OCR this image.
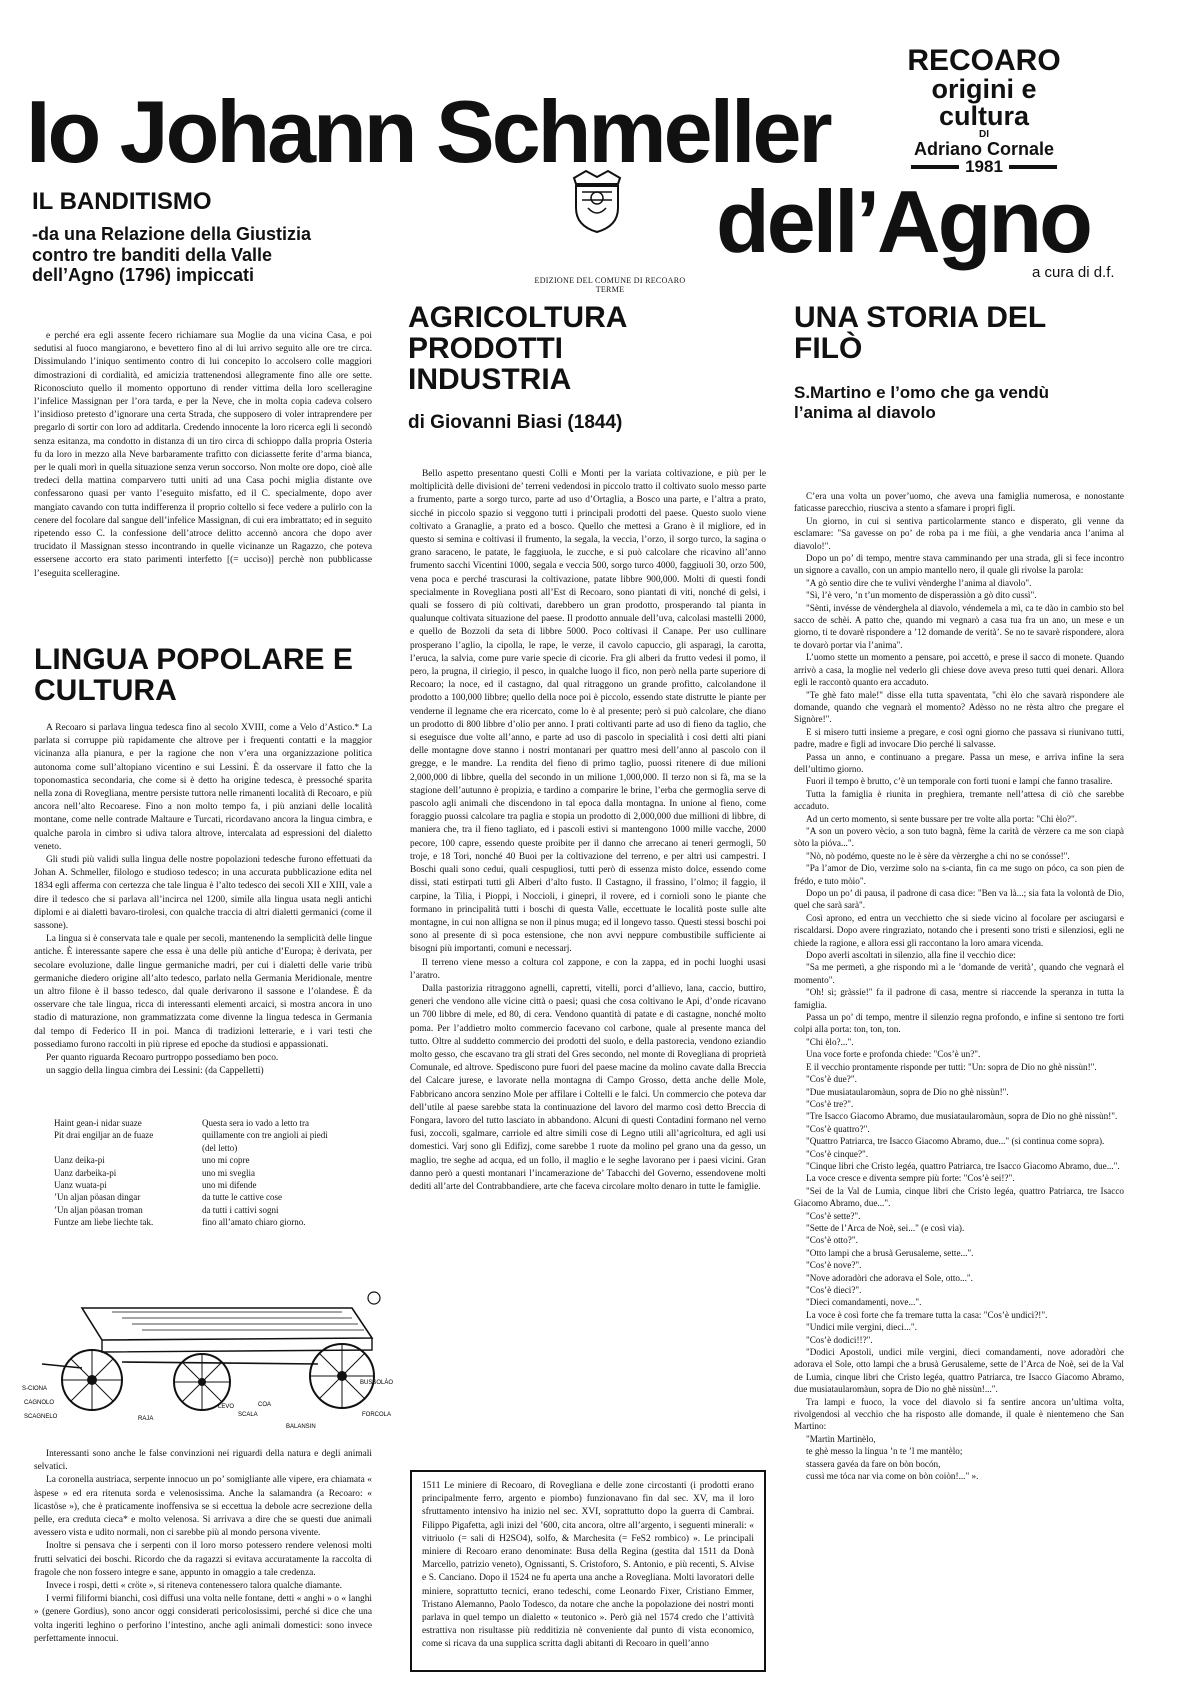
Io Johann Schmeller
dell’Agno
RECOARO
origini e cultura
DI
Adriano Cornale
1981
EDIZIONE DEL COMUNE DI RECOARO TERME
a cura di d.f.
IL BANDITISMO
-da una Relazione della Giustizia contro tre banditi della Valle dell’Agno (1796) impiccati

e perché era egli assente fecero richiamare sua Moglie da una vicina Casa, e poi sedutisi al fuoco mangiarono, e bevettero fino al di lui arrivo seguito alle ore tre circa. Dissimulando l’iniquo sentimento contro di lui concepito lo accolsero colle maggiori dimostrazioni di cordialità, ed amicizia trattenendosi allegramente fino alle ore sette. Riconosciuto quello il momento opportuno di render vittima della loro scelleragine l’infelice Massignan per l’ora tarda, e per la Neve, che in molta copia cadeva colsero l’insidioso pretesto d’ignorare una certa Strada, che supposero di voler intraprendere per pregarlo di sortir con loro ad additarla. Credendo innocente la loro ricerca egli li secondò senza esitanza, ma condotto in distanza di un tiro circa di schioppo dalla propria Osteria fu da loro in mezzo alla Neve barbaramente trafitto con diciassette ferite d’arma bianca, per le quali morì in quella situazione senza verun soccorso. Non molte ore dopo, cioè alle tredeci della mattina comparvero tutti uniti ad una Casa pochi miglia distante ove confessarono quasi per vanto l’eseguito misfatto, ed il C. specialmente, dopo aver mangiato cavando con tutta indifferenza il proprio coltello si fece vedere a pulirlo con la cenere del focolare dal sangue dell’infelice Massignan, di cui era imbrattato; ed in seguito ripetendo esso C. la confessione dell’atroce delitto accennò ancora che dopo aver trucidato il Massignan stesso incontrando in quelle vicinanze un Ragazzo, che poteva essersene accorto era stato parimenti interfetto [(= ucciso)] perchè non pubblicasse l’eseguita scelleragine.

LINGUA POPOLARE E CULTURA

A Recoaro si parlava lingua tedesca fino al secolo XVIII, come a Velo d’Astico.* La parlata si corruppe più rapidamente che altrove per i frequenti contatti e la maggior vicinanza alla pianura, e per la ragione che non v’era una organizzazione politica autonoma come sull’altopiano vicentino e sui Lessini. È da osservare il fatto che la toponomastica secondaria, che come si è detto ha origine tedesca, è pressoché sparita nella zona di Rovegliana, mentre persiste tuttora nelle rimanenti località di Recoaro, e più ancora nell’alto Recoarese. Fino a non molto tempo fa, i più anziani delle località montane, come nelle contrade Maltaure e Turcati, ricordavano ancora la lingua cimbra, e qualche parola in cimbro si udiva talora altrove, intercalata ad espressioni del dialetto veneto.

Gli studi più validi sulla lingua delle nostre popolazioni tedesche furono effettuati da Johan A. Schmeller, filologo e studioso tedesco; in una accurata pubblicazione edita nel 1834 egli afferma con certezza che tale lingua è l’alto tedesco dei secoli XII e XIII, vale a dire il tedesco che si parlava all’incirca nel 1200, simile alla lingua usata negli antichi diplomi e ai dialetti bavaro-tirolesi, con qualche traccia di altri dialetti germanici (come il sassone).

La lingua si è conservata tale e quale per secoli, mantenendo la semplicità delle lingue antiche. È interessante sapere che essa è una delle più antiche d’Europa; è derivata, per secolare evoluzione, dalle lingue germaniche madri, per cui i dialetti delle varie tribù germaniche diedero origine all’alto tedesco, parlato nella Germania Meridionale, mentre un altro filone è il basso tedesco, dal quale derivarono il sassone e l’olandese. È da osservare che tale lingua, ricca di interessanti elementi arcaici, si mostra ancora in uno stadio di maturazione, non grammatizzata come divenne la lingua tedesca in Germania dal tempo di Federico II in poi. Manca di tradizioni letterarie, e i vari testi che possediamo furono raccolti in più riprese ed epoche da studiosi e appassionati.

Per quanto riguarda Recoaro purtroppo possediamo ben poco.

un saggio della lingua cimbra dei Lessini: (da Cappelletti)

Haint gean-i nidar suaze	Questa sera io vado a letto tra
Pit drai engiljar an de fuaze	quillamente con tre angioli ai piedi
(del letto)
Uanz deika-pi	uno mi copre
Uanz darbeika-pi	uno mi sveglia
Uanz wuata-pi	uno mi difende
’Un aljan pöasan dingar	da tutte le cattive cose
’Un aljan pöasan troman	da tutti i cattivi sogni
Funtze am liebe liechte tak.	fino all’amato chiaro giorno.
S-CIONA
CAGNOLO
SCAGNELO	RAJA
LEVO
SCALA
COA
BALANSIN
BUSSOLÀO
FORCOLA

Interessanti sono anche le false convinzioni nei riguardi della natura e degli animali selvatici.

La coronella austriaca, serpente innocuo un po’ somigliante alle vipere, era chiamata « àspese » ed era ritenuta sorda e velenosissima. Anche la salamandra (a Recoaro: « licastöse »), che è praticamente inoffensiva se si eccettua la debole acre secrezione della pelle, era creduta cieca* e molto velenosa. Si arrivava a dire che se questi due animali avessero vista e udito normali, non ci sarebbe più al mondo persona vivente.

Inoltre si pensava che i serpenti con il loro morso potessero rendere velenosi molti frutti selvatici dei boschi. Ricordo che da ragazzi si evitava accuratamente la raccolta di fragole che non fossero integre e sane, appunto in omaggio a tale credenza.

Invece i rospi, detti « cröte », si riteneva contenessero talora qualche diamante.

I vermi filiformi bianchi, così diffusi una volta nelle fontane, detti « anghi » o « langhi » (genere Gordius), sono ancor oggi considerati pericolosissimi, perché si dice che una volta ingeriti leghino o perforino l’intestino, anche agli animali domestici: sono invece perfettamente innocui.

AGRICOLTURA PRODOTTI INDUSTRIA
di Giovanni Biasi (1844)

Bello aspetto presentano questi Colli e Monti per la variata coltivazione, e più per le moltiplicità delle divisioni de’ terreni vedendosi in piccolo tratto il coltivato suolo messo parte a frumento, parte a sorgo turco, parte ad uso d’Ortaglia, a Bosco una parte, e l’altra a prato, sicché in piccolo spazio si veggono tutti i principali prodotti del paese. Questo suolo viene coltivato a Granaglie, a prato ed a bosco. Quello che mettesi a Grano è il migliore, ed in questo si semina e coltivasi il frumento, la segala, la veccia, l’orzo, il sorgo turco, la sagina o grano saraceno, le patate, le faggiuola, le zucche, e si può calcolare che ricavino all’anno frumento sacchi Vicentini 1000, segala e veccia 500, sorgo turco 4000, faggiuoli 30, orzo 500, vena poca e perché trascurasi la coltivazione, patate libbre 900,000. Molti di questi fondi specialmente in Rovegliana posti all’Est di Recoaro, sono piantati di viti, nonché di gelsi, i quali se fossero di più coltivati, darebbero un gran prodotto, prosperando tal pianta in qualunque coltivata situazione del paese. Il prodotto annuale dell’uva, calcolasi mastelli 2000, e quello de Bozzoli da seta di libbre 5000. Poco coltivasi il Canape. Per uso cullinare prosperano l’aglio, la cipolla, le rape, le verze, il cavolo capuccio, gli asparagi, la carotta, l’eruca, la salvia, come pure varie specie di cicorie. Fra gli alberi da frutto vedesi il pomo, il pero, la prugna, il ciriegio, il pesco, in qualche luogo il fico, non però nella parte superiore di Recoaro; la noce, ed il castagno, dal qual ritraggono un grande profitto, calcolandone il prodotto a 100,000 libbre; quello della noce poi è piccolo, essendo state distrutte le piante per venderne il legname che era ricercato, come lo è al presente; però si può calcolare, che diano un prodotto di 800 libbre d’olio per anno. I prati coltivanti parte ad uso di fieno da taglio, che si eseguisce due volte all’anno, e parte ad uso di pascolo in specialità i così detti alti piani delle montagne dove stanno i nostri montanari per quattro mesi dell’anno al pascolo con il gregge, e le mandre. La rendita del fieno di primo taglio, puossi ritenere di due milioni 2,000,000 di libbre, quella del secondo in un milione 1,000,000. Il terzo non si fà, ma se la stagione dell’autunno è propizia, e tardino a comparire le brine, l’erba che germoglia serve di pascolo agli animali che discendono in tal epoca dalla montagna. In unione al fieno, come foraggio puossi calcolare tra paglia e stopia un prodotto di 2,000,000 due millioni di libbre, di maniera che, tra il fieno tagliato, ed i pascoli estivi si mantengono 1000 mille vacche, 2000 pecore, 100 capre, essendo queste proibite per il danno che arrecano ai teneri germogli, 50 troje, e 18 Tori, nonché 40 Buoi per la coltivazione del terreno, e per altri usi campestri. I Boschi quali sono cedui, quali cespugliosi, tutti però di essenza misto dolce, essendo come dissi, stati estirpati tutti gli Alberi d’alto fusto. Il Castagno, il frassino, l’olmo; il faggio, il carpine, la Tilia, i Pioppi, i Noccioli, i ginepri, il rovere, ed i cornioli sono le piante che formano in principalità tutti i boschi di questa Valle, eccettuate le località poste sulle alte montagne, in cui non alligna se non il pinus muga; ed il longevo tasso. Questi stessi boschi poi sono al presente di sì poca estensione, che non avvi neppure combustibile sufficiente ai bisogni più importanti, comuni e necessarj.

Il terreno viene messo a coltura col zappone, e con la zappa, ed in pochi luoghi usasi l’aratro.

Dalla pastorizia ritraggono agnelli, capretti, vitelli, porci d’allievo, lana, caccio, buttiro, generi che vendono alle vicine città o paesi; quasi che cosa coltivano le Api, d’onde ricavano un 700 libbre di mele, ed 80, di cera. Vendono quantità di patate e di castagne, nonché molto poma. Per l’addietro molto commercio facevano col carbone, quale al presente manca del tutto. Oltre al suddetto commercio dei prodotti del suolo, e della pastorecia, vendono eziandio molto gesso, che escavano tra gli strati del Gres secondo, nel monte di Rovegliana di proprietà Comunale, ed altrove. Spediscono pure fuori del paese macine da molino cavate dalla Breccia del Calcare jurese, e lavorate nella montagna di Campo Grosso, detta anche delle Mole, Fabbricano ancora senzino Mole per affilare i Coltelli e le falci. Un commercio che poteva dar dell’utile al paese sarebbe stata la continuazione del lavoro del marmo così detto Breccia di Fongara, lavoro del tutto lasciato in abbandono. Alcuni di questi Contadini formano nel verno fusi, zoccoli, sgalmare, carriole ed altre simili cose di Legno utili all’agricoltura, ed agli usi domestici. Varj sono gli Edifizj, come sarebbe 1 ruote da molino pel grano una da gesso, un maglio, tre seghe ad acqua, ed un follo, il maglio e le seghe lavorano per i paesi vicini. Gran danno però a questi montanari l’incamerazione de’ Tabacchi del Governo, essendovene molti dediti all’arte del Contrabbandiere, arte che faceva circolare molto denaro in tutte le famiglie.

1511 Le miniere di Recoaro, di Rovegliana e delle zone circostanti (i prodotti erano principalmente ferro, argento e piombo) funzionavano fin dal sec. XV, ma il loro sfruttamento intensivo ha inizio nel sec. XVI, soprattutto dopo la guerra di Cambrai. Filippo Pigafetta, agli inizi del ’600, cita ancora, oltre all’argento, i seguenti minerali: « vitriuolo (= sali di H2SO4), solfo, & Marchesita (= FeS2 rombico) ». Le principali miniere di Recoaro erano denominate: Busa della Regina (gestita dal 1511 da Donà Marcello, patrizio veneto), Ognissanti, S. Cristoforo, S. Antonio, e più recenti, S. Alvise e S. Canciano. Dopo il 1524 ne fu aperta una anche a Rovegliana. Molti lavoratori delle miniere, soprattutto tecnici, erano tedeschi, come Leonardo Fixer, Cristiano Emmer, Tristano Alemanno, Paolo Todesco, da notare che anche la popolazione dei nostri monti parlava in quel tempo un dialetto « teutonico ». Però già nel 1574 credo che l’attività estrattiva non risultasse più redditizia nè conveniente dal punto di vista economico, come si ricava da una supplica scritta dagli abitanti di Recoaro in quell’anno

UNA STORIA DEL FILÒ
S.Martino e l’omo che ga vendù l’anima al diavolo

C’era una volta un pover’uomo, che aveva una famiglia numerosa, e nonostante faticasse parecchio, riusciva a stento a sfamare i propri figli.

Un giorno, in cui si sentiva particolarmente stanco e disperato, gli venne da esclamare: "Sa gavesse on po’ de roba pa i me fiùi, a ghe vendaria anca l’anima al diavolo!".

Dopo un po’ di tempo, mentre stava camminando per una strada, gli si fece incontro un signore a cavallo, con un ampio mantello nero, il quale gli rivolse la parola:

"A gò sentìo dire che te vulìvi vènderghe l’anima al diavolo".

"Sì, l’è vero, ’n t’un momento de disperassiòn a gò dito cussì".

"Sènti, invésse de vènderghela al diavolo, véndemela a mì, ca te dào in cambio sto bel sacco de schèi. A patto che, quando mi vegnarò a casa tua fra un ano, un mese e un giorno, ti te dovarè rispondere a ’12 domande de verità’. Se no te savarè rispondere, alora te dovarò portar via l’anima".

L’uomo stette un momento a pensare, poi accettò, e prese il sacco di monete. Quando arrivò a casa, la moglie nel vederlo gli chiese dove aveva preso tutti quei denari. Allora egli le raccontò quanto era accaduto.

"Te ghè fato male!" disse ella tutta spaventata, "chi èlo che savarà rispondere ale domande, quando che vegnarà el momento? Adèsso no ne rèsta altro che pregare el Signòre!".

E si misero tutti insieme a pregare, e così ogni giorno che passava si riunivano tutti, padre, madre e figli ad invocare Dio perché li salvasse.

Passa un anno, e continuano a pregare. Passa un mese, e arriva infine la sera dell’ultimo giorno.

Fuori il tempo è brutto, c’è un temporale con forti tuoni e lampi che fanno trasalire.

Tutta la famiglia è riunita in preghiera, tremante nell’attesa di ciò che sarebbe accaduto.

Ad un certo momento, si sente bussare per tre volte alla porta: "Chi èlo?".

"A son un povero vècio, a son tuto bagnà, fème la carità de vèrzere ca me son ciapà sòto la pióva...".

"Nò, nò podémo, queste no le è sère da vèrzerghe a chi no se conósse!".

"Pa l’amor de Dio, verzìme solo na s-cianta, fin ca me sugo on póco, ca son pien de frédo, e tuto mòio".

Dopo un po’ di pausa, il padrone di casa dice: "Ben va là...; sia fata la volontà de Dio, quel che sarà sarà".

Così aprono, ed entra un vecchietto che si siede vicino al focolare per asciugarsi e riscaldarsi. Dopo avere ringraziato, notando che i presenti sono tristi e silenziosi, egli ne chiede la ragione, e allora essi gli raccontano la loro amara vicenda.

Dopo averli ascoltati in silenzio, alla fine il vecchio dice:

"Sa me permetì, a ghe rispondo mì a le ’domande de verità’, quando che vegnarà el momento".

"Oh! sì; gràssie!" fa il padrone di casa, mentre si riaccende la speranza in tutta la famiglia.

Passa un po’ di tempo, mentre il silenzio regna profondo, e infine si sentono tre forti colpi alla porta: ton, ton, ton.

"Chi èlo?...".

Una voce forte e profonda chiede: "Cos’è un?".

E il vecchio prontamente risponde per tutti: "Un: sopra de Dio no ghè nissùn!".

"Cos’è due?".

"Due musiataularomàun, sopra de Dio no ghè nissùn!".

"Cos’è tre?".

"Tre Isacco Giacomo Abramo, due musiataularomàun, sopra de Dio no ghè nissùn!".

"Cos’è quattro?".

"Quattro Patriarca, tre Isacco Giacomo Abramo, due..." (si continua come sopra).

"Cos’è cinque?".

"Cinque libri che Cristo legéa, quattro Patriarca, tre Isacco Giacomo Abramo, due...".

La voce cresce e diventa sempre più forte: "Cos’è sei!?".

"Sei de la Val de Lumìa, cinque libri che Cristo legéa, quattro Patriarca, tre Isacco Giacomo Abramo, due...".

"Cos’è sette?".

"Sette de l’Arca de Noè, sei..." (e così via).

"Cos’è otto?".

"Otto lampi che a brusà Gerusaleme, sette...".

"Cos’è nove?".

"Nove adoradòri che adorava el Sole, otto...".

"Cos’è dieci?".

"Dieci comandamenti, nove...".

La voce è così forte che fa tremare tutta la casa: "Cos’è undici?!".

"Undici mile vergini, dieci...".

"Cos’è dodici!!?".

"Dodici Apostoli, undici mile vergini, dieci comandamenti, nove adoradòri che adorava el Sole, otto lampi che a brusà Gerusaleme, sette de l’Arca de Noè, sei de la Val de Lumìa, cinque libri che Cristo legéa, quattro Patriarca, tre Isacco Giacomo Abramo, due musiataularomàun, sopra de Dio no ghè nissùn!...".

Tra lampi e fuoco, la voce del diavolo si fa sentire ancora un’ultima volta, rivolgendosi al vecchio che ha risposto alle domande, il quale è nientemeno che San Martino:

"Martìn Martinèlo,

te ghè messo la lingua ’n te ’l me mantèlo;

stassera gavéa da fare on bòn bocón,

cussì me tóca nar via come on bòn coiòn!..." ».
